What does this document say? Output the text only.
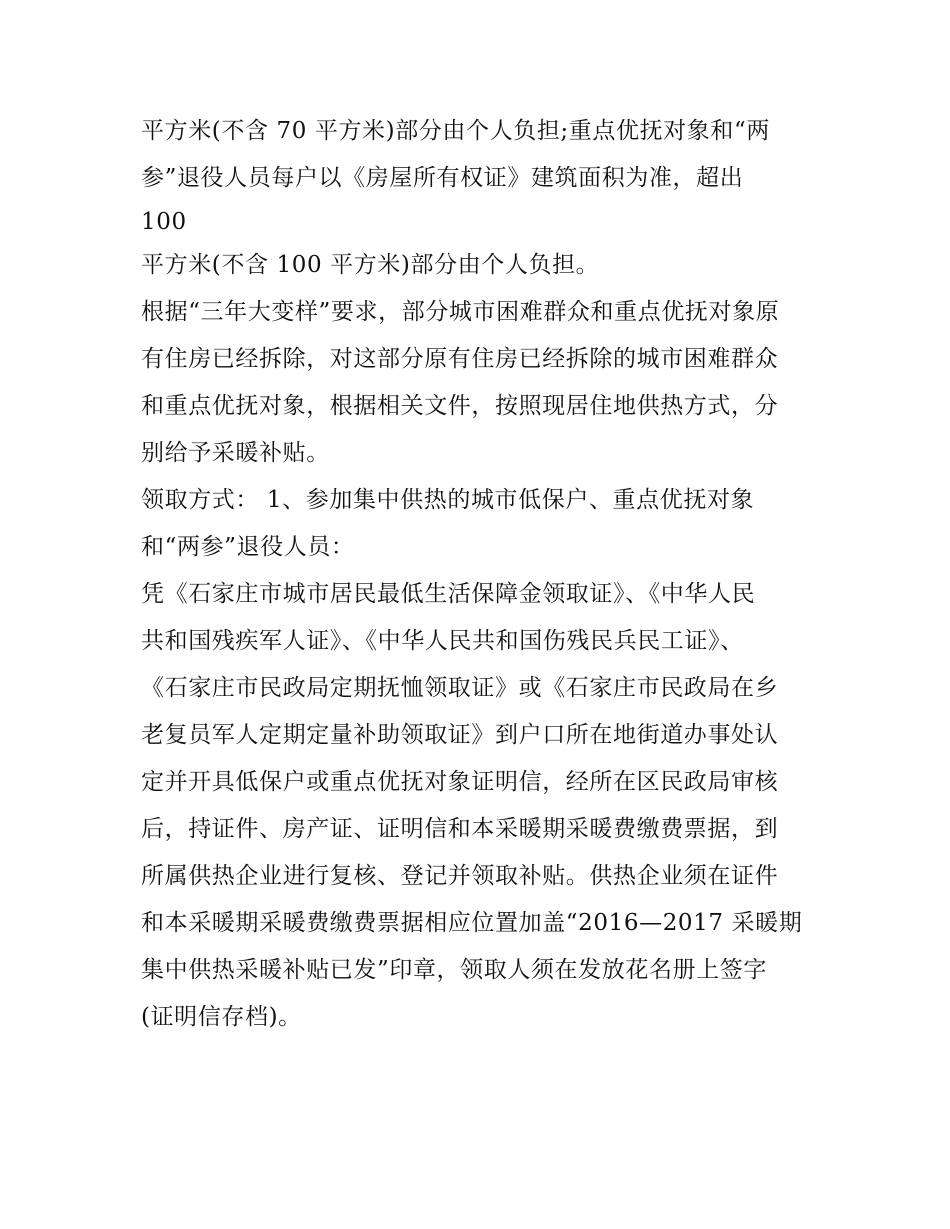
平方米(不含 70 平方米)部分由个人负担;重点优抚对象和“两
参”退役人员每户以《房屋所有权证》建筑面积为准，超出
100
平方米(不含 100 平方米)部分由个人负担。
根据“三年大变样”要求，部分城市困难群众和重点优抚对象原
有住房已经拆除，对这部分原有住房已经拆除的城市困难群众
和重点优抚对象，根据相关文件，按照现居住地供热方式，分
别给予采暖补贴。
领取方式： 1、参加集中供热的城市低保户、重点优抚对象
和“两参”退役人员：
凭《石家庄市城市居民最低生活保障金领取证》、《中华人民
共和国残疾军人证》、《中华人民共和国伤残民兵民工证》、
《石家庄市民政局定期抚恤领取证》或《石家庄市民政局在乡
老复员军人定期定量补助领取证》到户口所在地街道办事处认
定并开具低保户或重点优抚对象证明信，经所在区民政局审核
后，持证件、房产证、证明信和本采暖期采暖费缴费票据，到
所属供热企业进行复核、登记并领取补贴。供热企业须在证件
和本采暖期采暖费缴费票据相应位置加盖“2016—2017 采暖期
集中供热采暖补贴已发”印章，领取人须在发放花名册上签字
(证明信存档)。
